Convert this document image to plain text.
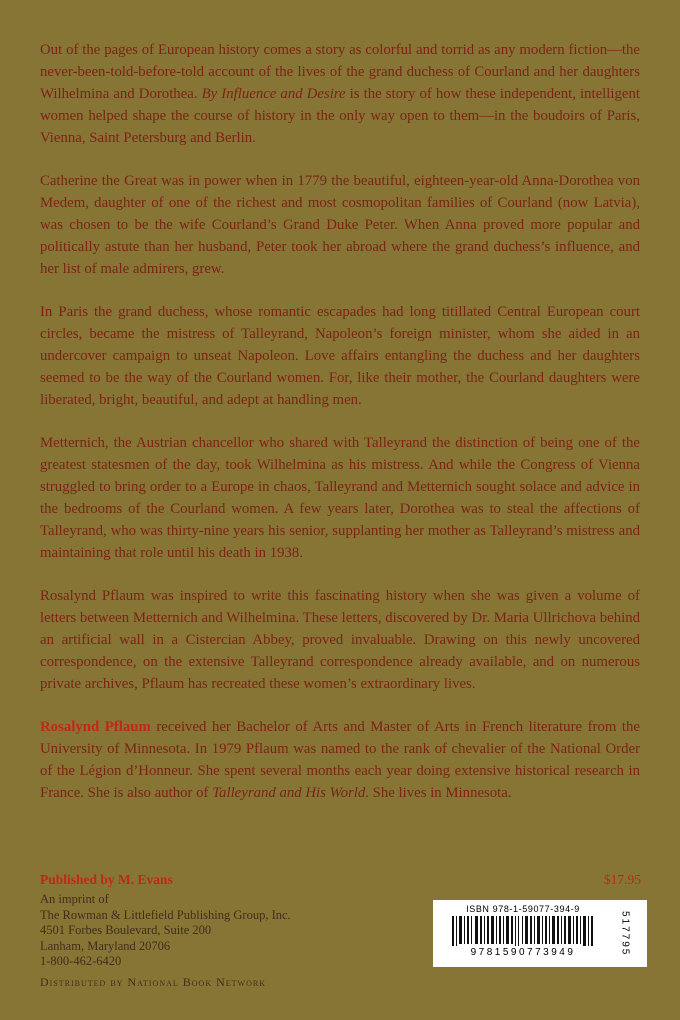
Out of the pages of European history comes a story as colorful and torrid as any modern fiction—the never-been-told-before-told account of the lives of the grand duchess of Courland and her daughters Wilhelmina and Dorothea. By Influence and Desire is the story of how these independent, intelligent women helped shape the course of history in the only way open to them—in the boudoirs of Paris, Vienna, Saint Petersburg and Berlin.

Catherine the Great was in power when in 1779 the beautiful, eighteen-year-old Anna-Dorothea von Medem, daughter of one of the richest and most cosmopolitan families of Courland (now Latvia), was chosen to be the wife Courland’s Grand Duke Peter. When Anna proved more popular and politically astute than her husband, Peter took her abroad where the grand duchess’s influence, and her list of male admirers, grew.

In Paris the grand duchess, whose romantic escapades had long titillated Central European court circles, became the mistress of Talleyrand, Napoleon’s foreign minister, whom she aided in an undercover campaign to unseat Napoleon. Love affairs entangling the duchess and her daughters seemed to be the way of the Courland women. For, like their mother, the Courland daughters were liberated, bright, beautiful, and adept at handling men.

Metternich, the Austrian chancellor who shared with Talleyrand the distinction of being one of the greatest statesmen of the day, took Wilhelmina as his mistress. And while the Congress of Vienna struggled to bring order to a Europe in chaos, Talleyrand and Metternich sought solace and advice in the bedrooms of the Courland women. A few years later, Dorothea was to steal the affections of Talleyrand, who was thirty-nine years his senior, supplanting her mother as Talleyrand’s mistress and maintaining that role until his death in 1938.

Rosalynd Pflaum was inspired to write this fascinating history when she was given a volume of letters between Metternich and Wilhelmina. These letters, discovered by Dr. Maria Ullrichova behind an artificial wall in a Cistercian Abbey, proved invaluable. Drawing on this newly uncovered correspondence, on the extensive Talleyrand correspondence already available, and on numerous private archives, Pflaum has recreated these women’s extraordinary lives.

Rosalynd Pflaum received her Bachelor of Arts and Master of Arts in French literature from the University of Minnesota. In 1979 Pflaum was named to the rank of chevalier of the National Order of the Légion d’Honneur. She spent several months each year doing extensive historical research in France. She is also author of Talleyrand and His World. She lives in Minnesota.

Published by M. Evans
An imprint of
The Rowman & Littlefield Publishing Group, Inc.
4501 Forbes Boulevard, Suite 200
Lanham, Maryland 20706
1-800-462-6420
Distributed by National Book Network
$17.95
ISBN 978-1-59077-394-9
9781590773949	517795
